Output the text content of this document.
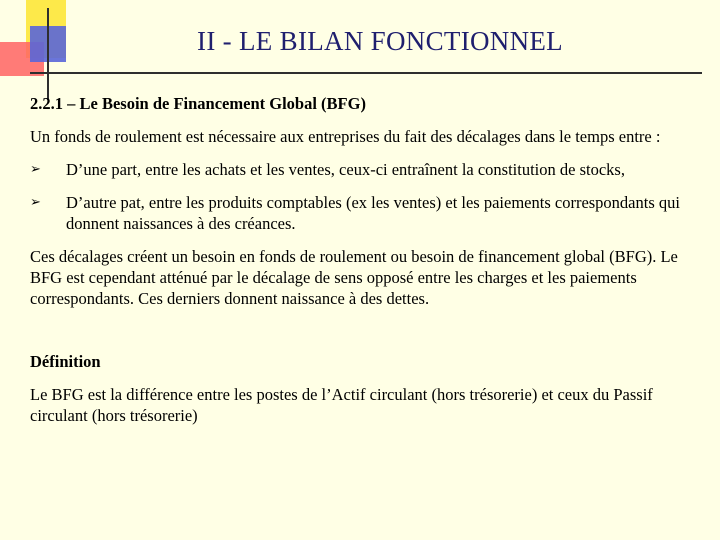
II - LE BILAN FONCTIONNEL

2.2.1 – Le Besoin de Financement Global (BFG)

Un fonds de roulement est nécessaire aux entreprises du fait des décalages dans le temps entre :

➢ D’une part, entre les achats et les ventes, ceux-ci entraînent la constitution de stocks,
➢ D’autre pat, entre les produits comptables (ex les ventes) et les paiements correspondants qui donnent naissances à des créances.

Ces décalages créent un besoin en fonds de roulement ou besoin de financement global (BFG). Le BFG est cependant atténué par le décalage de sens opposé entre les charges et les paiements correspondants. Ces derniers donnent naissance à des dettes.

Définition

Le BFG est la différence entre les postes de l’Actif circulant (hors trésorerie) et ceux du Passif circulant (hors trésorerie)
